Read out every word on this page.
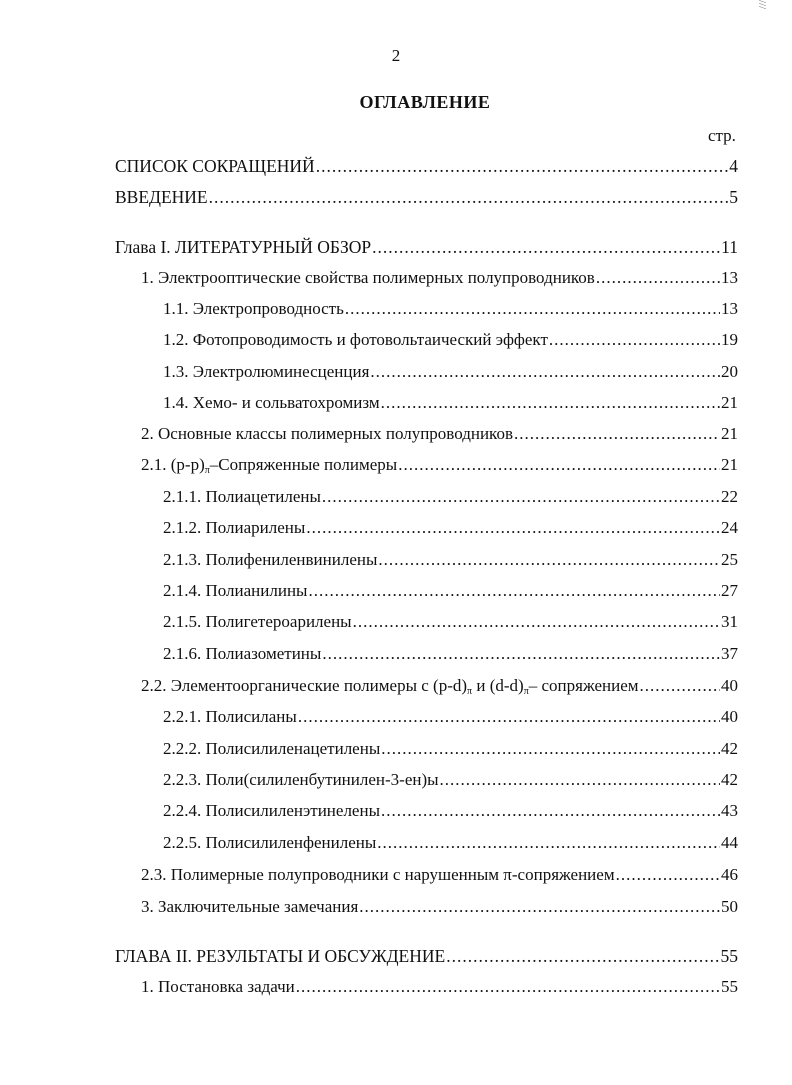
///
2
ОГЛАВЛЕНИЕ
стр.
СПИСОК СОКРАЩЕНИЙ .....	4
ВВЕДЕНИЕ .....	5
Глава I. ЛИТЕРАТУРНЫЙ ОБЗОР .....	11
1. Электрооптические свойства полимерных полупроводников .....	13
1.1. Электропроводность .....	13
1.2. Фотопроводимость и фотовольтаический эффект .....	19
1.3. Электролюминесценция .....	20
1.4. Хемо- и сольватохромизм .....	21
2. Основные классы полимерных полупроводников .....	21
2.1. $(p-p)_\pi$–Сопряженные полимеры .....	21
2.1.1. Полиацетилены .....	22
2.1.2. Полиарилены .....	24
2.1.3. Полифениленвинилены .....	25
2.1.4. Полианилины .....	27
2.1.5. Полигетероарилены .....	31
2.1.6. Полиазометины .....	37
2.2. Элементоорганические полимеры с $(p-d)_\pi$ и $(d-d)_\pi-$ сопряжением .....	40
2.2.1. Полисиланы .....	40
2.2.2. Полисилиленацетилены .....	42
2.2.3. Поли(силиленбутинилен-3-ен)ы .....	42
2.2.4. Полисилиленэтинелены .....	43
2.2.5. Полисилиленфенилены .....	44
2.3. Полимерные полупроводники с нарушенным π-сопряжением .....	46
3. Заключительные замечания .....	50
ГЛАВА II. РЕЗУЛЬТАТЫ И ОБСУЖДЕНИЕ .....	55
1. Постановка задачи .....	55
